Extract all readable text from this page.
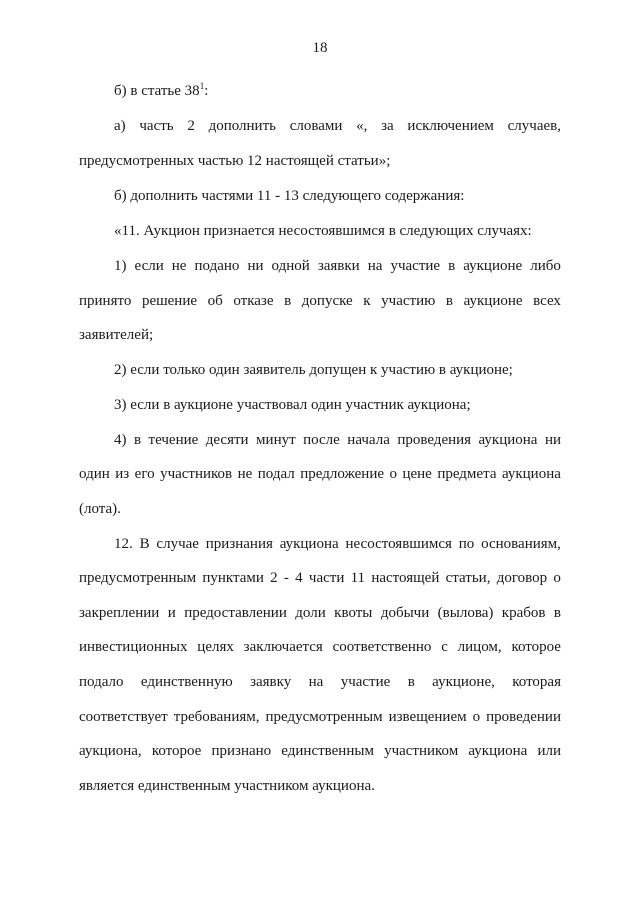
18
б) в статье $38^1$:
а) часть 2 дополнить словами «, за исключением случаев,
предусмотренных частью 12 настоящей статьи»;
б) дополнить частями 11 - 13 следующего содержания:
«11. Аукцион признается несостоявшимся в следующих случаях:
1) если не подано ни одной заявки на участие в аукционе либо
принято решение об отказе в допуске к участию в аукционе всех
заявителей;
2) если только один заявитель допущен к участию в аукционе;
3) если в аукционе участвовал один участник аукциона;
4) в течение десяти минут после начала проведения аукциона ни
один из его участников не подал предложение о цене предмета аукциона
(лота).
12. В случае признания аукциона несостоявшимся по основаниям,
предусмотренным пунктами 2 - 4 части 11 настоящей статьи, договор о
закреплении и предоставлении доли квоты добычи (вылова) крабов в
инвестиционных целях заключается соответственно с лицом, которое
подало единственную заявку на участие в аукционе, которая
соответствует требованиям, предусмотренным извещением о проведении
аукциона, которое признано единственным участником аукциона или
является единственным участником аукциона.
